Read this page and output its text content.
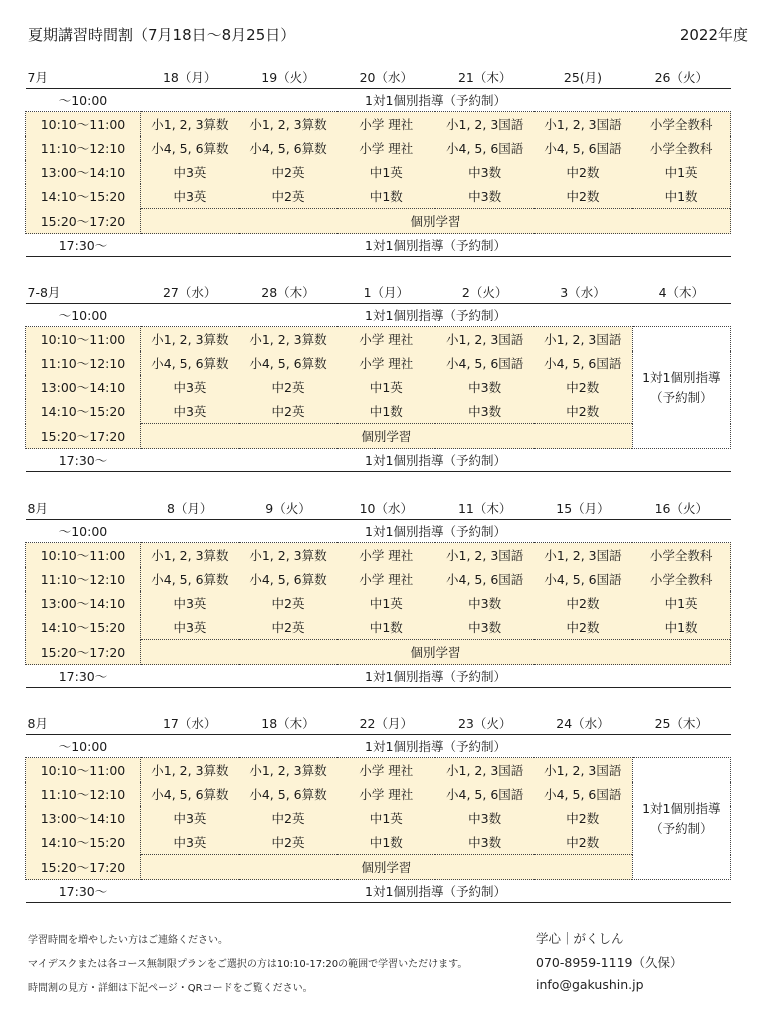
夏期講習時間割（7月18日〜8月25日）	2022年度
7月	18（月）	19（火）	20（水）	21（木）	25(月)	26（火）
〜10:00	1対1個別指導（予約制）					
10:10〜11:00	小1, 2, 3算数	小1, 2, 3算数	小学 理社	小1, 2, 3国語	小1, 2, 3国語	小学全教科
11:10〜12:10	小4, 5, 6算数	小4, 5, 6算数	小学 理社	小4, 5, 6国語	小4, 5, 6国語	小学全教科
13:00〜14:10	中3英	中2英	中1英	中3数	中2数	中1英
14:10〜15:20	中3英	中2英	中1数	中3数	中2数	中1数
15:20〜17:20	個別学習					
17:30〜	1対1個別指導（予約制）					
7-8月	27（水）	28（木）	1（月）	2（火）	3（水）	4（木）
〜10:00	1対1個別指導（予約制）					
10:10〜11:00	小1, 2, 3算数	小1, 2, 3算数	小学 理社	小1, 2, 3国語	小1, 2, 3国語	1対1個別指導（予約制）
11:10〜12:10	小4, 5, 6算数	小4, 5, 6算数	小学 理社	小4, 5, 6国語	小4, 5, 6国語	
13:00〜14:10	中3英	中2英	中1英	中3数	中2数	
14:10〜15:20	中3英	中2英	中1数	中3数	中2数	
15:20〜17:20	個別学習					
17:30〜	1対1個別指導（予約制）					
8月	8（月）	9（火）	10（水）	11（木）	15（月）	16（火）
〜10:00	1対1個別指導（予約制）					
10:10〜11:00	小1, 2, 3算数	小1, 2, 3算数	小学 理社	小1, 2, 3国語	小1, 2, 3国語	小学全教科
11:10〜12:10	小4, 5, 6算数	小4, 5, 6算数	小学 理社	小4, 5, 6国語	小4, 5, 6国語	小学全教科
13:00〜14:10	中3英	中2英	中1英	中3数	中2数	中1英
14:10〜15:20	中3英	中2英	中1数	中3数	中2数	中1数
15:20〜17:20	個別学習					
17:30〜	1対1個別指導（予約制）					
8月	17（水）	18（木）	22（月）	23（火）	24（水）	25（木）
〜10:00	1対1個別指導（予約制）					
10:10〜11:00	小1, 2, 3算数	小1, 2, 3算数	小学 理社	小1, 2, 3国語	小1, 2, 3国語	1対1個別指導（予約制）
11:10〜12:10	小4, 5, 6算数	小4, 5, 6算数	小学 理社	小4, 5, 6国語	小4, 5, 6国語	
13:00〜14:10	中3英	中2英	中1英	中3数	中2数	
14:10〜15:20	中3英	中2英	中1数	中3数	中2数	
15:20〜17:20	個別学習					
17:30〜	1対1個別指導（予約制）					
学習時間を増やしたい方はご連絡ください。
マイデスクまたは各コース無制限プランをご選択の方は10:10-17:20の範囲で学習いただけます。
時間割の見方・詳細は下記ページ・QRコードをご覧ください。
学心｜がくしん
070-8959-1119（久保）
info@gakushin.jp
